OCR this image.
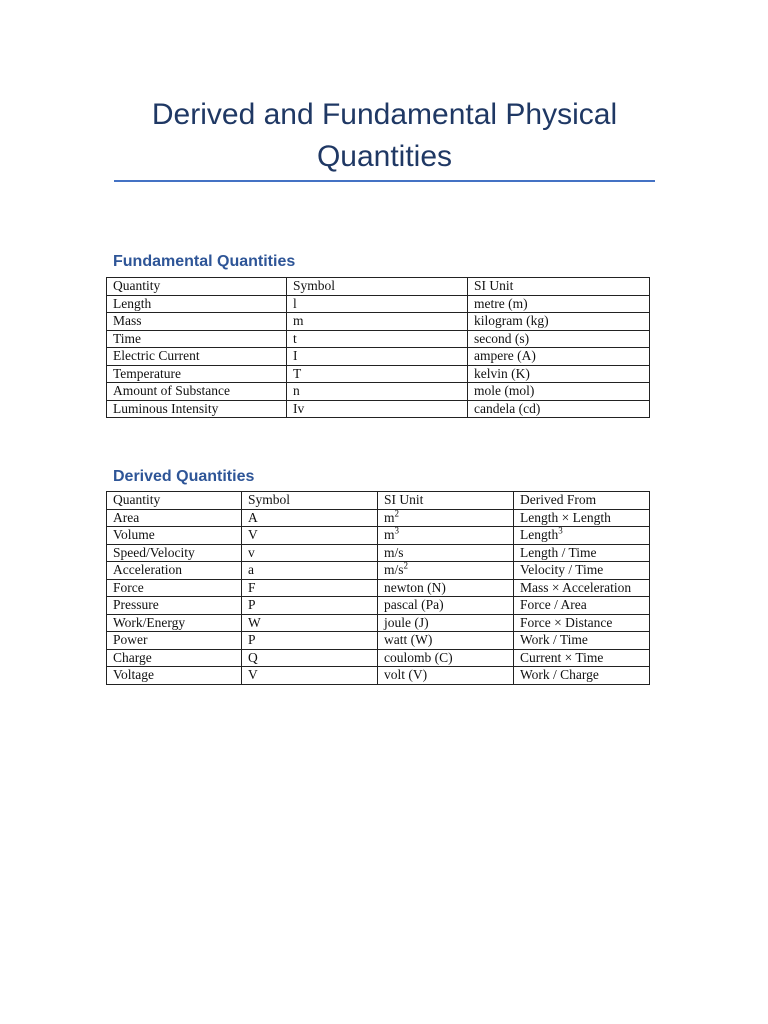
Derived and Fundamental Physical Quantities
Fundamental Quantities
Quantity	Symbol	SI Unit
Length	l	metre (m)
Mass	m	kilogram (kg)
Time	t	second (s)
Electric Current	I	ampere (A)
Temperature	T	kelvin (K)
Amount of Substance	n	mole (mol)
Luminous Intensity	Iv	candela (cd)
Derived Quantities
Quantity	Symbol	SI Unit	Derived From
Area	A	$m^2$	Length × Length
Volume	V	$m^3$	Length$^3$
Speed/Velocity	v	m/s	Length / Time
Acceleration	a	$m/s^2$	Velocity / Time
Force	F	newton (N)	Mass × Acceleration
Pressure	P	pascal (Pa)	Force / Area
Work/Energy	W	joule (J)	Force × Distance
Power	P	watt (W)	Work / Time
Charge	Q	coulomb (C)	Current × Time
Voltage	V	volt (V)	Work / Charge
